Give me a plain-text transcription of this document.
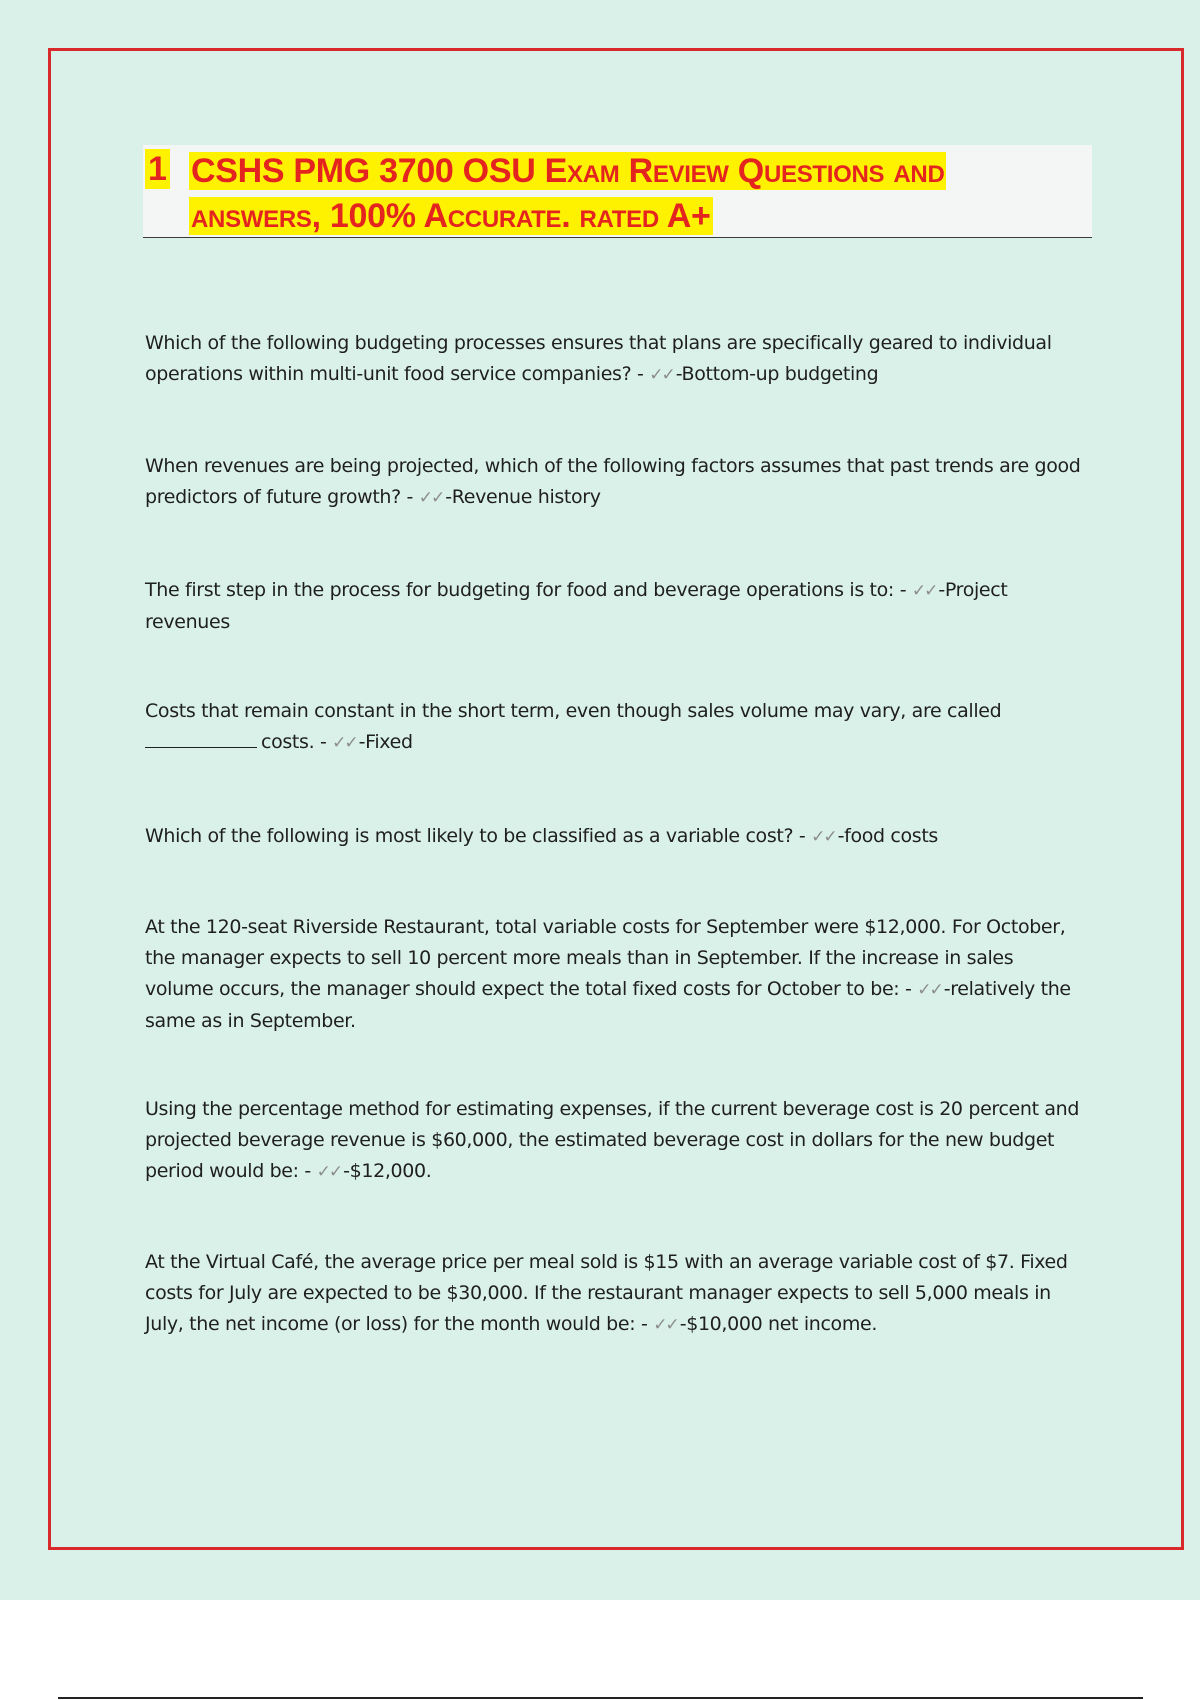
1 CSHS PMG 3700 OSU Exam Review Questions and
answers, 100% Accurate. rated A+
Which of the following budgeting processes ensures that plans are specifically geared to individual operations within multi-unit food service companies? - ✓✓ -Bottom-up budgeting
When revenues are being projected, which of the following factors assumes that past trends are good predictors of future growth? - ✓✓ -Revenue history
The first step in the process for budgeting for food and beverage operations is to: - ✓✓ -Project revenues
Costs that remain constant in the short term, even though sales volume may vary, are called
costs. - ✓✓ -Fixed
Which of the following is most likely to be classified as a variable cost? - ✓✓ -food costs
At the 120-seat Riverside Restaurant, total variable costs for September were $12,000. For October, the manager expects to sell 10 percent more meals than in September. If the increase in sales volume occurs, the manager should expect the total fixed costs for October to be: - ✓✓ -relatively the same as in September.
Using the percentage method for estimating expenses, if the current beverage cost is 20 percent and projected beverage revenue is $60,000, the estimated beverage cost in dollars for the new budget period would be: - ✓✓ -$12,000.
At the Virtual Café, the average price per meal sold is $15 with an average variable cost of $7. Fixed costs for July are expected to be $30,000. If the restaurant manager expects to sell 5,000 meals in July, the net income (or loss) for the month would be: - ✓✓ -$10,000 net income.
